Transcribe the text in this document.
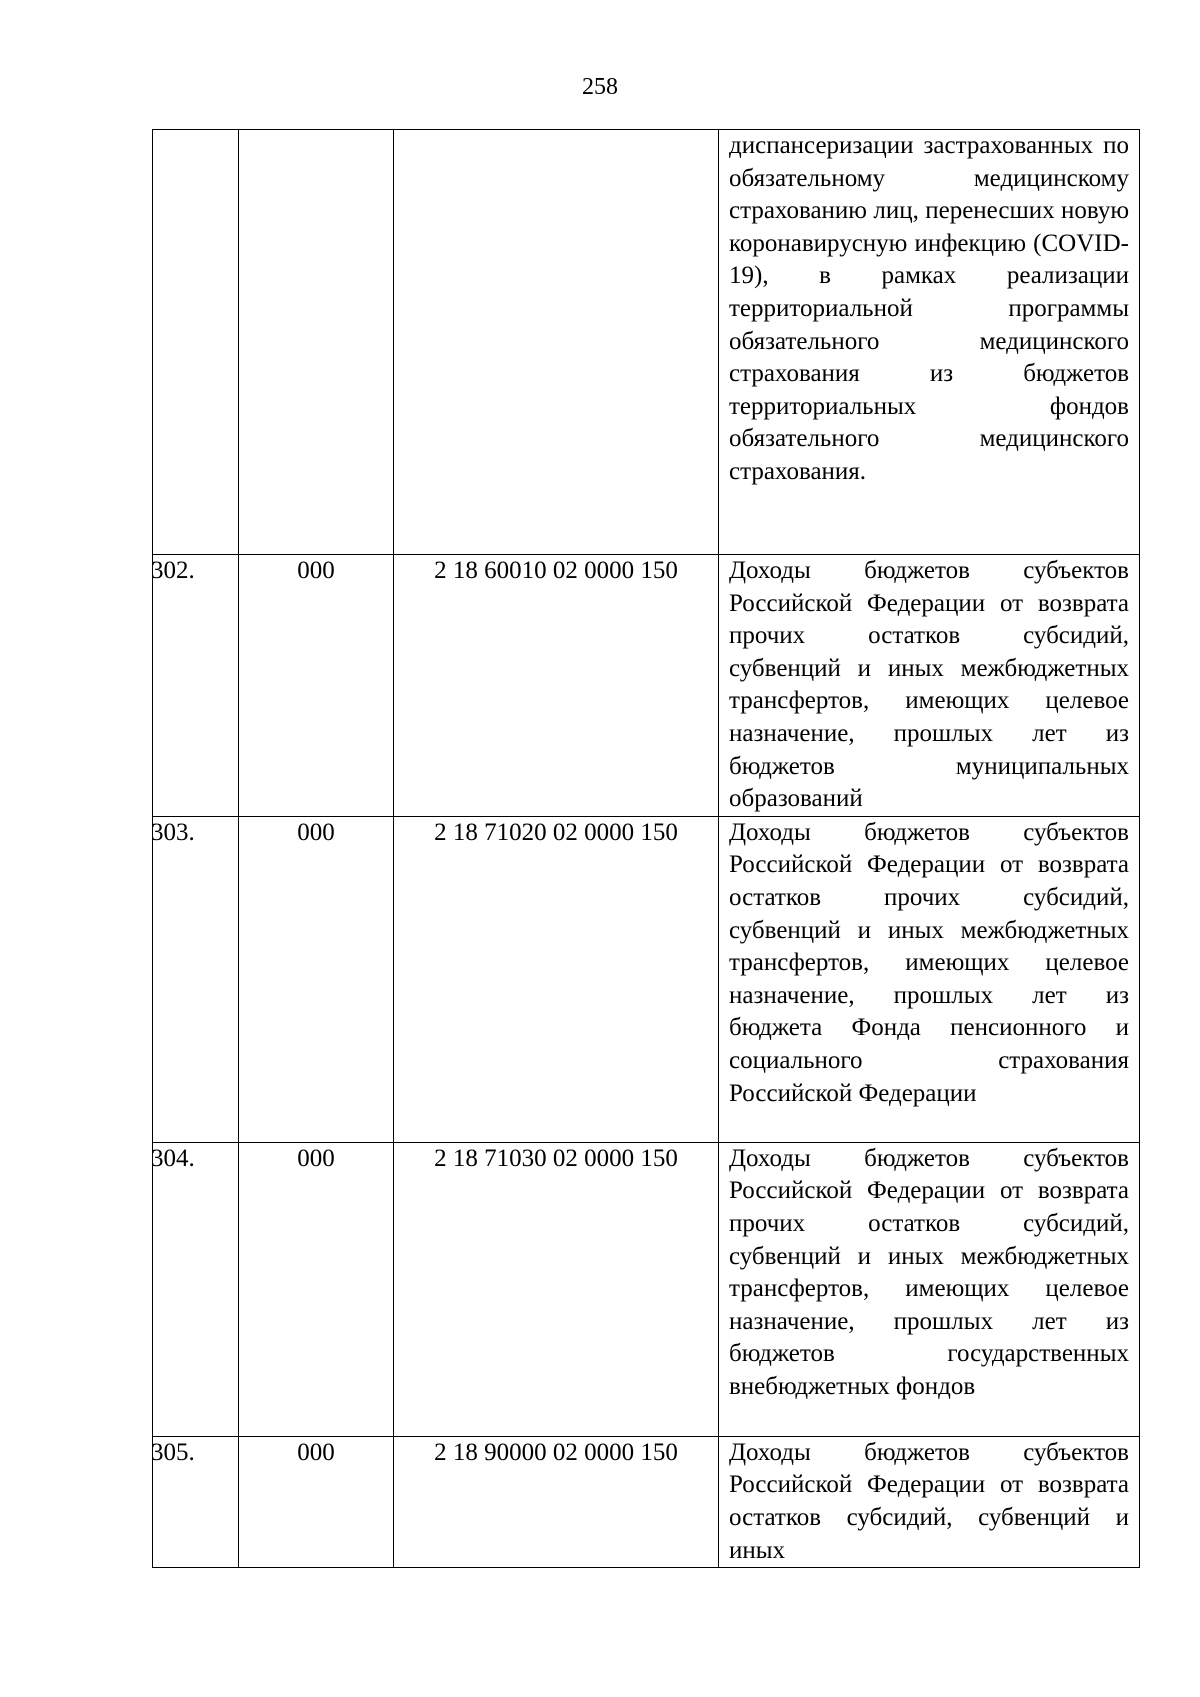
258
			диспансеризации застрахованных по обязательному медицинскому страхованию лиц, перенесших новую коронавирусную инфекцию (COVID-19), в рамках реализации территориальной программы обязательного медицинского страхования из бюджетов территориальных фондов обязательного медицинского страхования.
302.	000	2 18 60010 02 0000 150	Доходы бюджетов субъектов Российской Федерации от возврата прочих остатков субсидий, субвенций и иных межбюджетных трансфертов, имеющих целевое назначение, прошлых лет из бюджетов муниципальных образований
303.	000	2 18 71020 02 0000 150	Доходы бюджетов субъектов Российской Федерации от возврата остатков прочих субсидий, субвенций и иных межбюджетных трансфертов, имеющих целевое назначение, прошлых лет из бюджета Фонда пенсионного и социального страхования Российской Федерации
304.	000	2 18 71030 02 0000 150	Доходы бюджетов субъектов Российской Федерации от возврата прочих остатков субсидий, субвенций и иных межбюджетных трансфертов, имеющих целевое назначение, прошлых лет из бюджетов государственных внебюджетных фондов
305.	000	2 18 90000 02 0000 150	Доходы бюджетов субъектов Российской Федерации от возврата остатков субсидий, субвенций и иных
